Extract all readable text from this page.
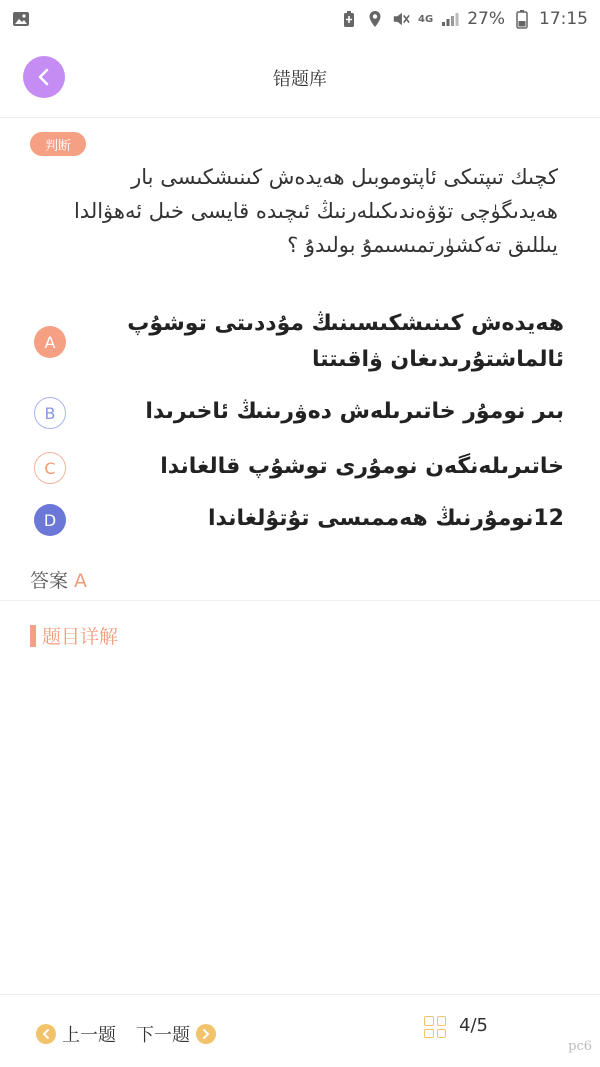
4G 27% 17:15
错题库
判断
كچىك تىپتىكى ئاپتوموبىل ھەيدەش كىنىشكىسى بار ھەيدىگۈچى تۆۋەندىكىلەرنىڭ ئىچىدە قايسى خىل ئەھۋالدا يىللىق تەكشۈرتمىسىمۇ بولىدۇ ؟
A
ھەيدەش كىنىشكىسىنىڭ مۇددىتى توشۇپ ئالماشتۇرىدىغان ۋاقىتتا
B	بىر نومۇر خاتىرىلەش دەۋرىنىڭ ئاخىرىدا
C	خاتىرىلەنگەن نومۇرى توشۇپ قالغاندا
D	12نومۇرنىڭ ھەممىسى تۇتۇلغاندا
答案 A
题目详解
上一题 下一题	4/5
pc6
